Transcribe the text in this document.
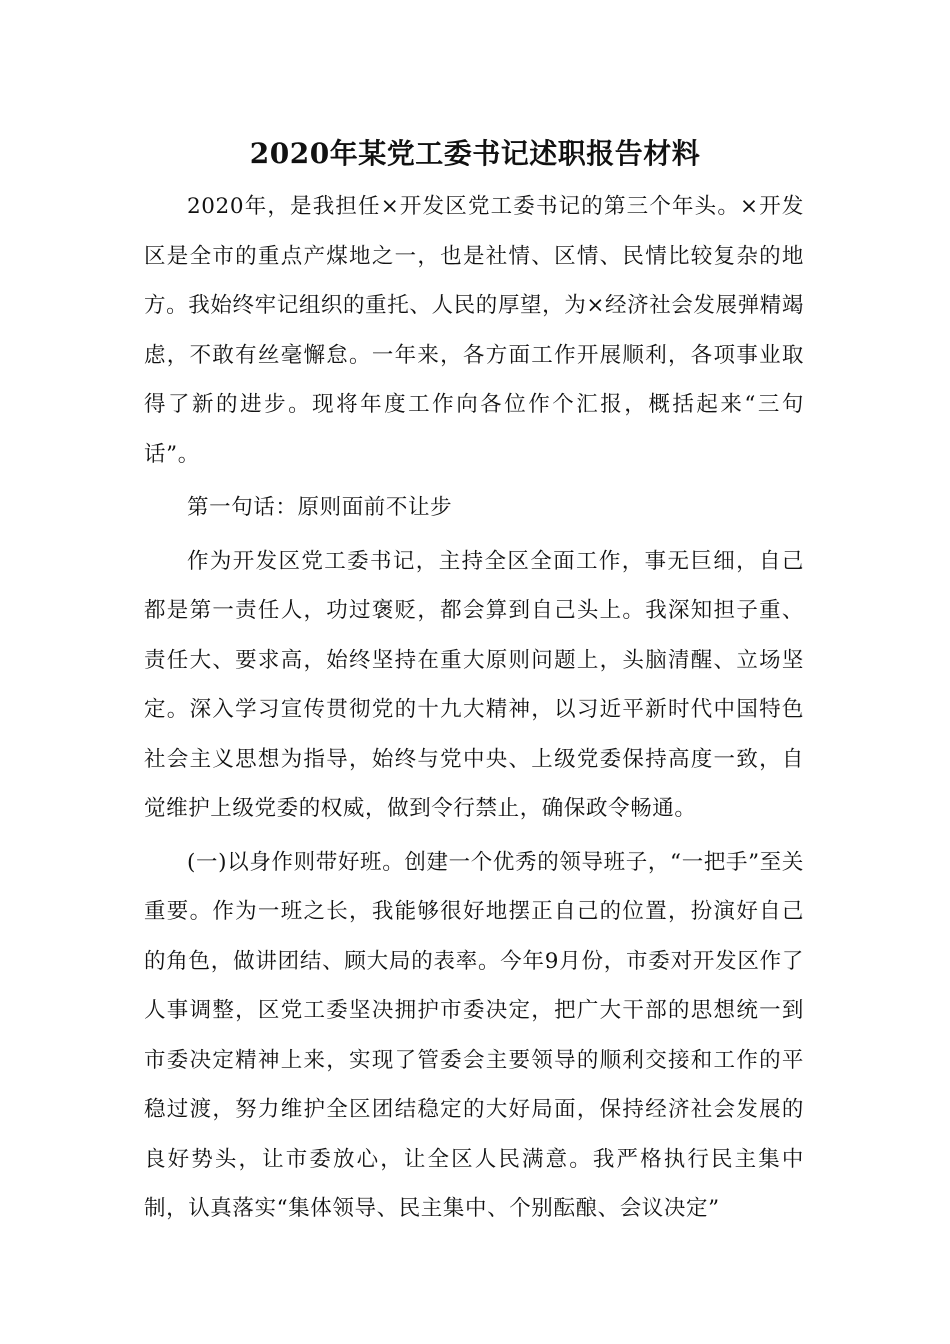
2020年某党工委书记述职报告材料

2020年，是我担任×开发区党工委书记的第三个年头。×开发区是全市的重点产煤地之一，也是社情、区情、民情比较复杂的地方。我始终牢记组织的重托、人民的厚望，为×经济社会发展弹精竭虑，不敢有丝毫懈怠。一年来，各方面工作开展顺利，各项事业取得了新的进步。现将年度工作向各位作个汇报，概括起来“三句话”。

第一句话：原则面前不让步

作为开发区党工委书记，主持全区全面工作，事无巨细，自己都是第一责任人，功过褒贬，都会算到自己头上。我深知担子重、责任大、要求高，始终坚持在重大原则问题上，头脑清醒、立场坚定。深入学习宣传贯彻党的十九大精神，以习近平新时代中国特色社会主义思想为指导，始终与党中央、上级党委保持高度一致，自觉维护上级党委的权威，做到令行禁止，确保政令畅通。

(一)以身作则带好班。创建一个优秀的领导班子，“一把手”至关重要。作为一班之长，我能够很好地摆正自己的位置，扮演好自己的角色，做讲团结、顾大局的表率。今年9月份，市委对开发区作了人事调整，区党工委坚决拥护市委决定，把广大干部的思想统一到市委决定精神上来，实现了管委会主要领导的顺利交接和工作的平稳过渡，努力维护全区团结稳定的大好局面，保持经济社会发展的良好势头，让市委放心，让全区人民满意。我严格执行民主集中制，认真落实“集体领导、民主集中、个别酝酿、会议决定”
